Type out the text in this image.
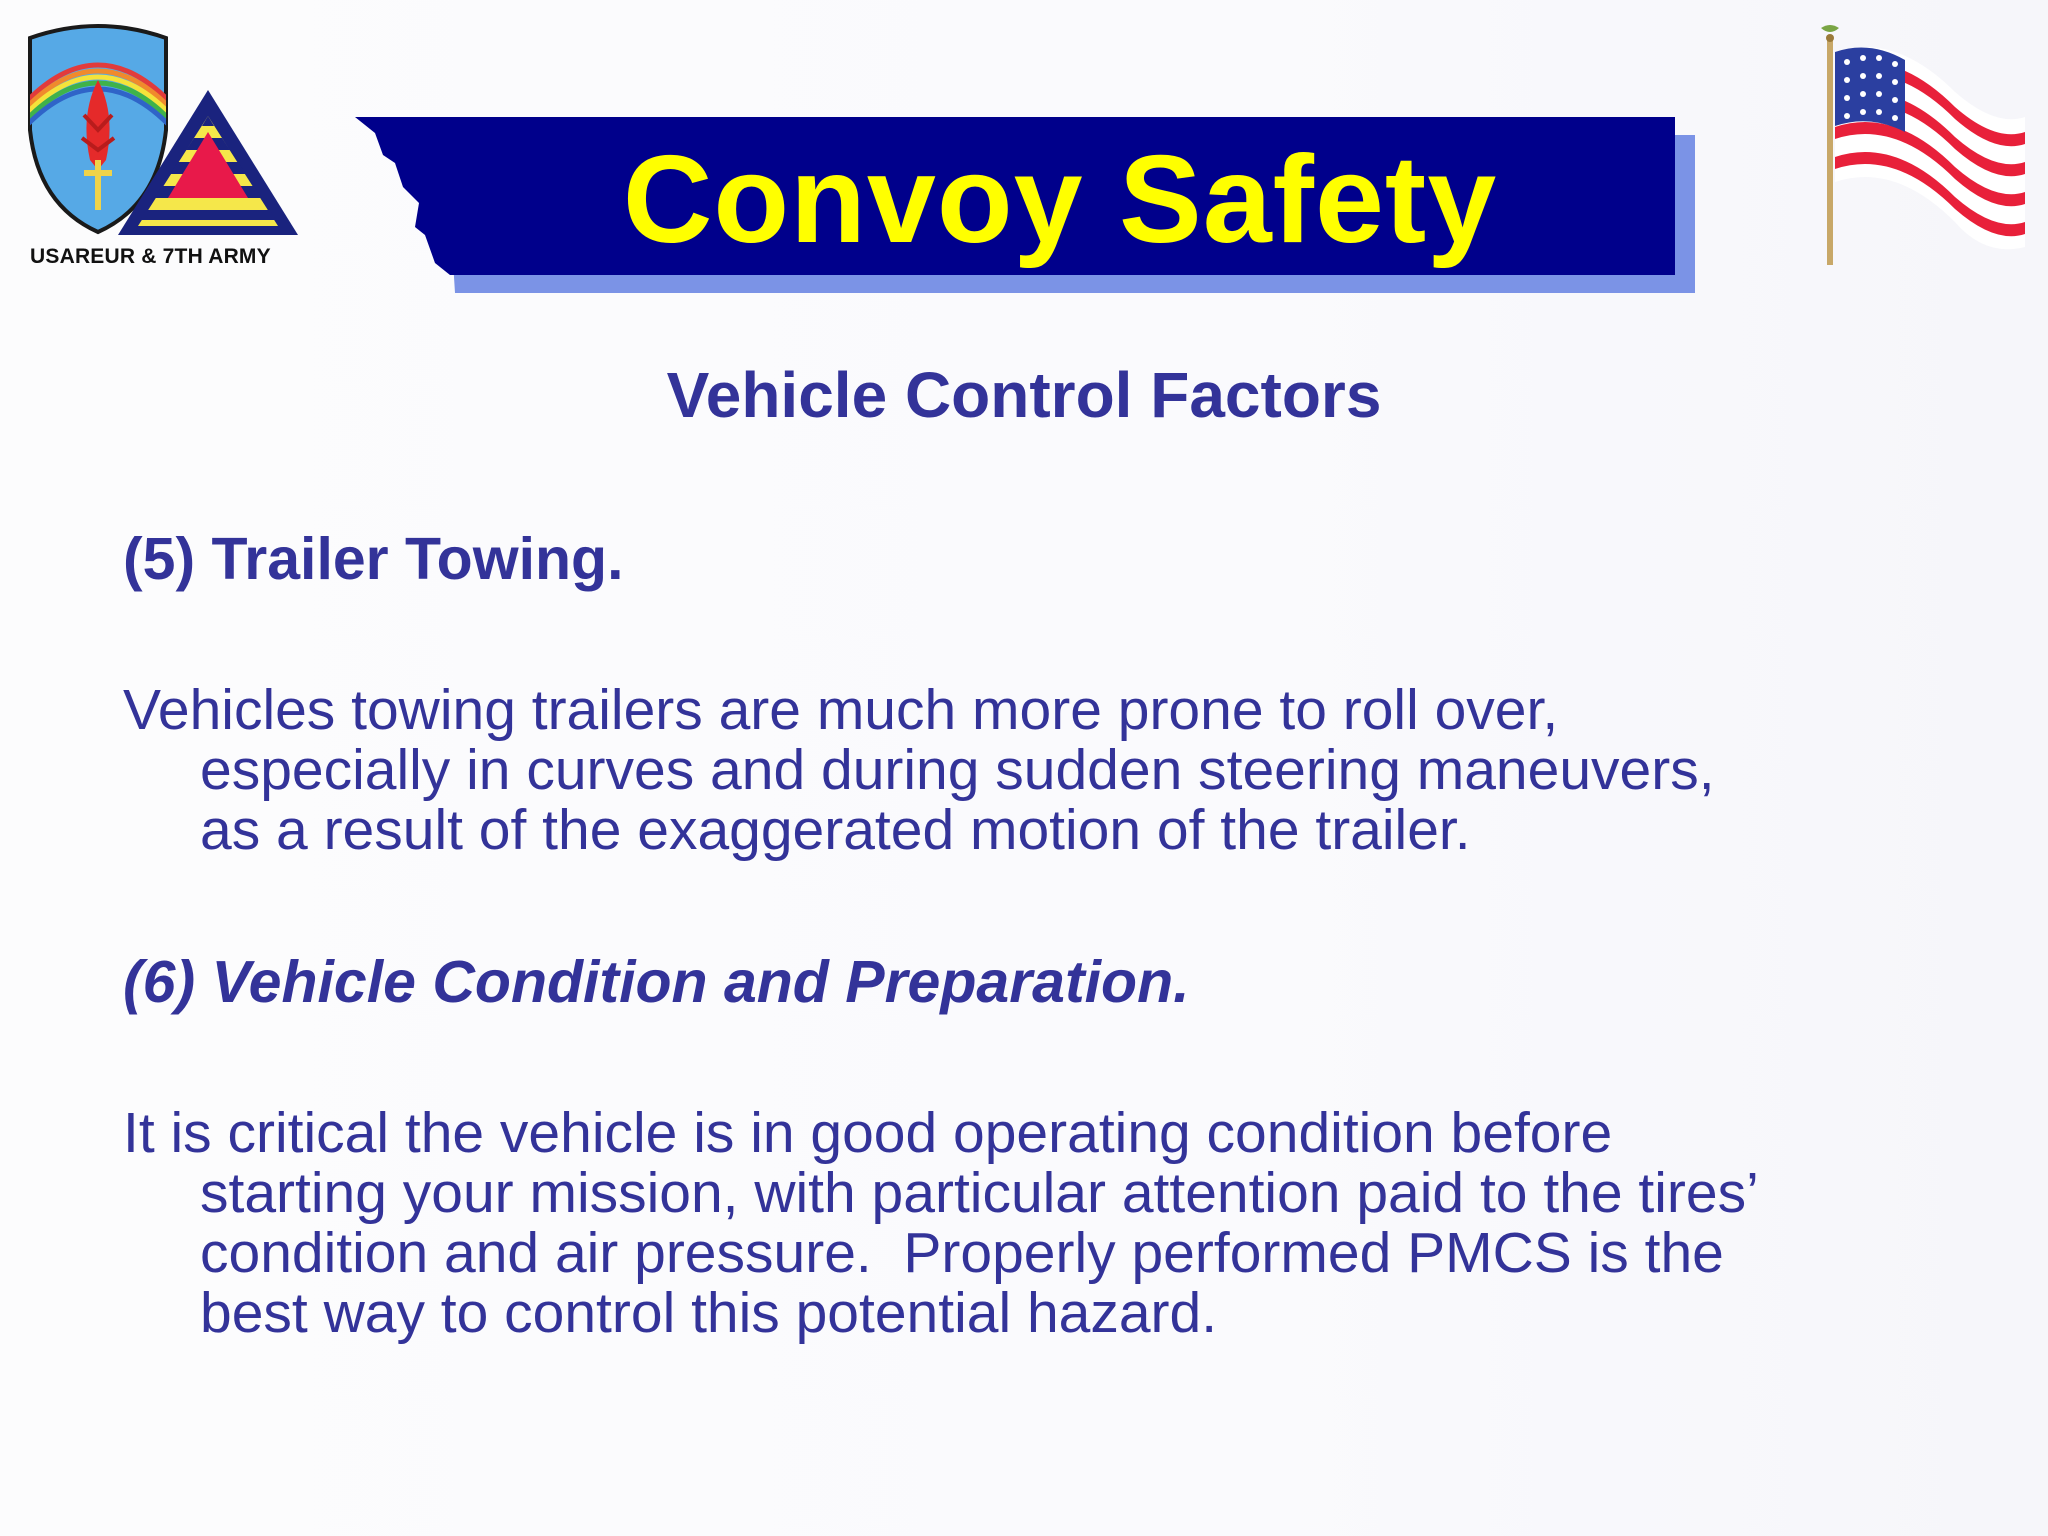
USAREUR & 7TH ARMY	Convoy Safety
Vehicle Control Factors
(5) Trailer Towing.
Vehicles towing trailers are much more prone to roll over,
especially in curves and during sudden steering maneuvers,
as a result of the exaggerated motion of the trailer.
(6) Vehicle Condition and Preparation.
It is critical the vehicle is in good operating condition before
starting your mission, with particular attention paid to the tires’
condition and air pressure.  Properly performed PMCS is the
best way to control this potential hazard.
